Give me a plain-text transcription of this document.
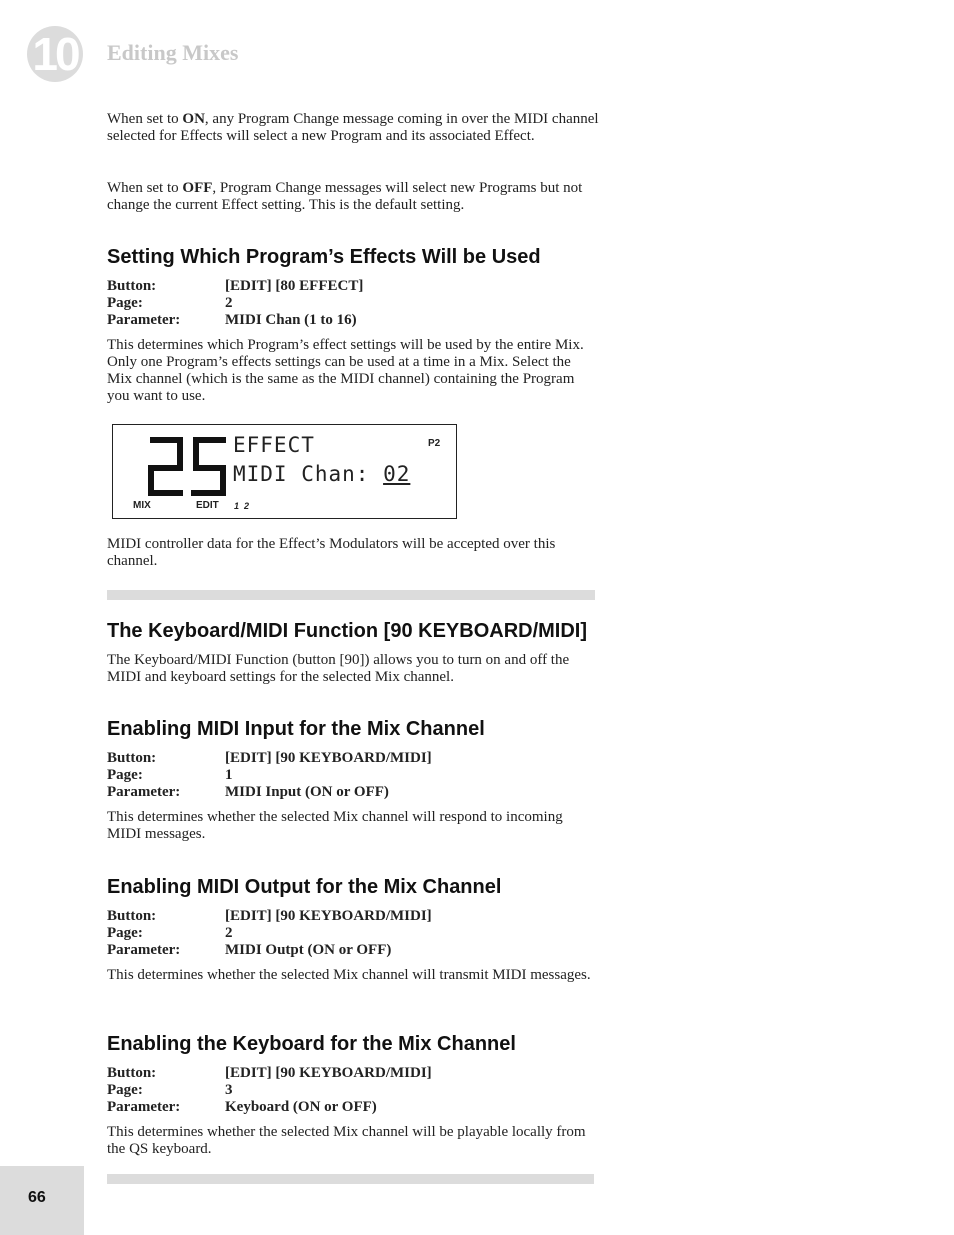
10 Editing Mixes

When set to ON, any Program Change message coming in over the MIDI channel selected for Effects will select a new Program and its associated Effect.

When set to OFF, Program Change messages will select new Programs but not change the current Effect setting. This is the default setting.

Setting Which Program’s Effects Will be Used
Button:	[EDIT] [80 EFFECT]
Page:	2
Parameter:	MIDI Chan (1 to 16)

This determines which Program’s effect settings will be used by the entire Mix. Only one Program’s effects settings can be used at a time in a Mix. Select the Mix channel (which is the same as the MIDI channel) containing the Program you want to use.

EFFECT
MIDI Chan: 02
P2
MIX	EDIT 1  2

MIDI controller data for the Effect’s Modulators will be accepted over this channel.

The Keyboard/MIDI Function [90 KEYBOARD/MIDI]

The Keyboard/MIDI Function (button [90]) allows you to turn on and off the MIDI and keyboard settings for the selected Mix channel.

Enabling MIDI Input for the Mix Channel
Button:	[EDIT] [90 KEYBOARD/MIDI]
Page:	1
Parameter:	MIDI Input (ON or OFF)

This determines whether the selected Mix channel will respond to incoming MIDI messages.

Enabling MIDI Output for the Mix Channel
Button:	[EDIT] [90 KEYBOARD/MIDI]
Page:	2
Parameter:	MIDI Outpt (ON or OFF)

This determines whether the selected Mix channel will transmit MIDI messages.

Enabling the Keyboard for the Mix Channel
Button:	[EDIT] [90 KEYBOARD/MIDI]
Page:	3
Parameter:	Keyboard (ON or OFF)

This determines whether the selected Mix channel will be playable locally from the QS keyboard.

66
